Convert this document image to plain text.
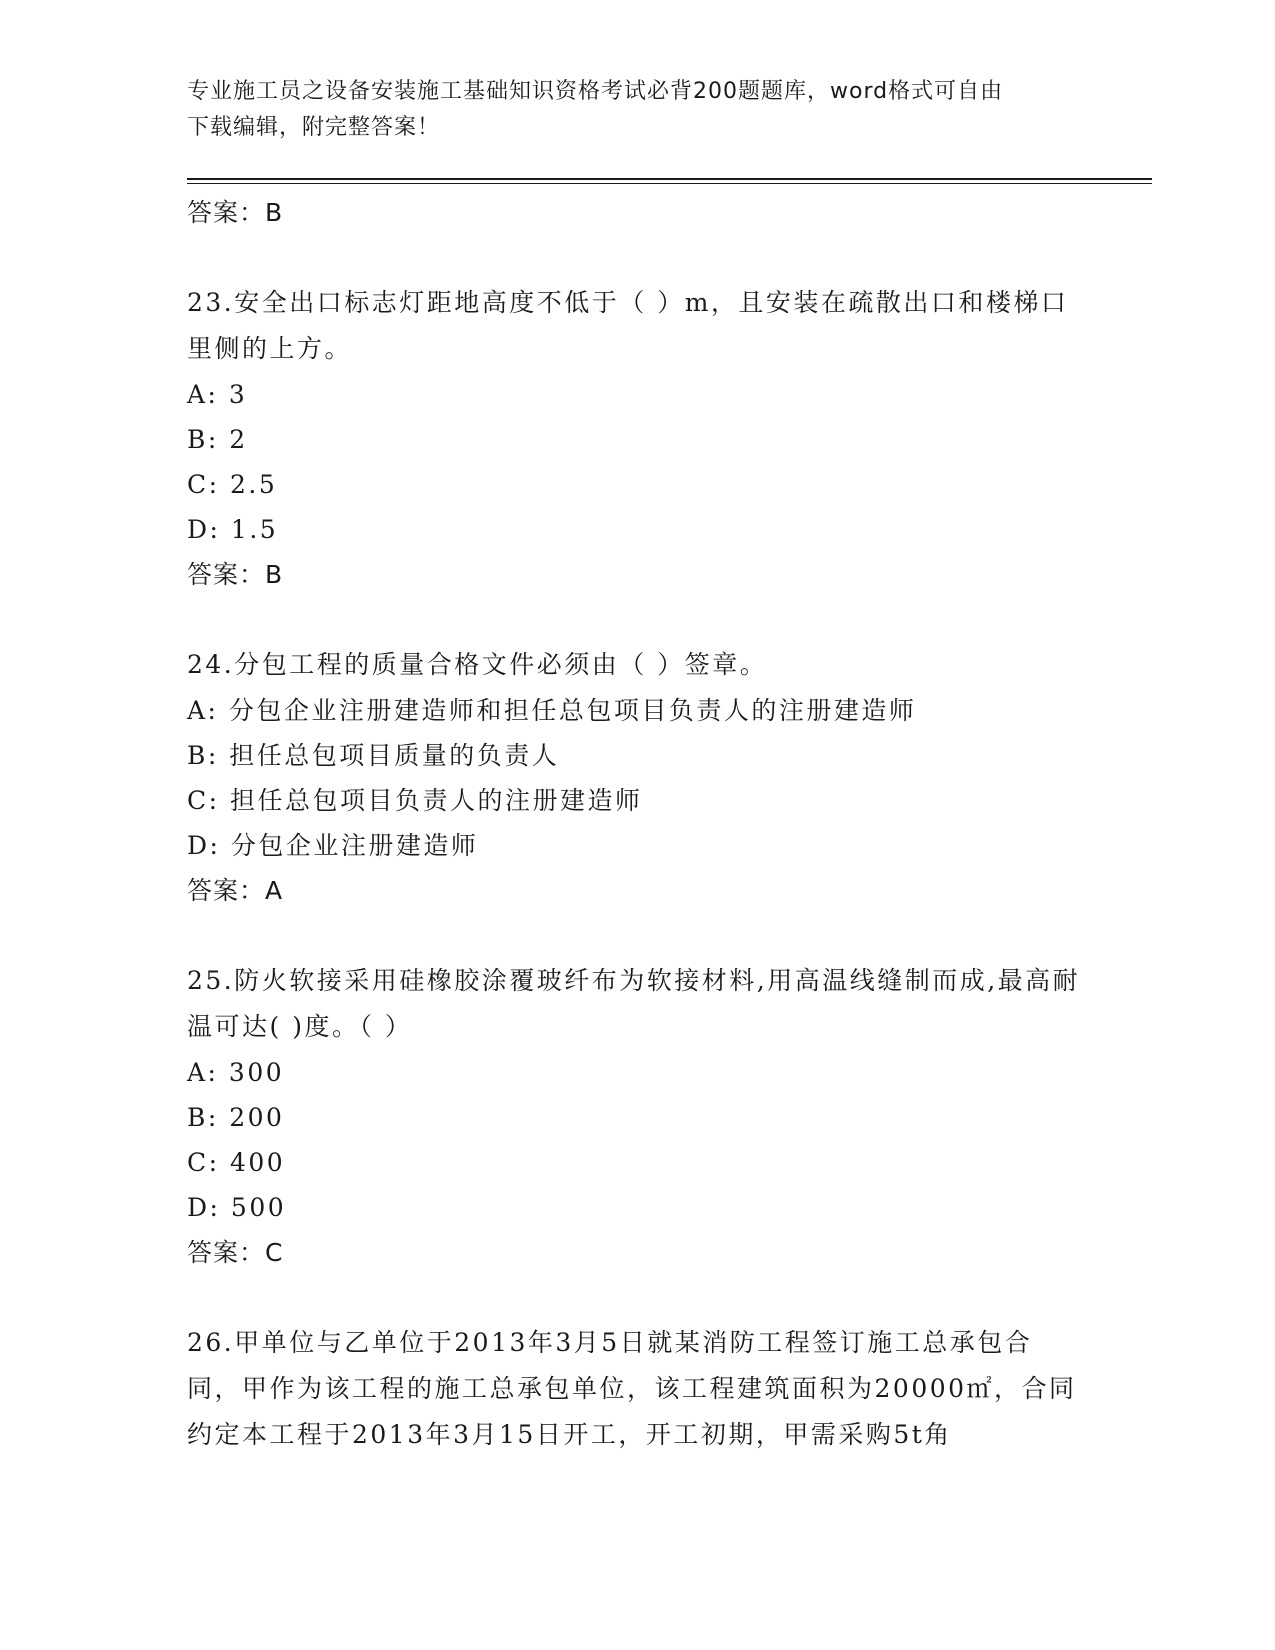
专业施工员之设备安装施工基础知识资格考试必背200题题库，word格式可自由
下载编辑，附完整答案！
答案：B
23.安全出口标志灯距地高度不低于（ ）m，且安装在疏散出口和楼梯口里侧的上方。
A: 3
B: 2
C: 2.5
D: 1.5
答案：B
24.分包工程的质量合格文件必须由（ ）签章。
A: 分包企业注册建造师和担任总包项目负责人的注册建造师
B: 担任总包项目质量的负责人
C: 担任总包项目负责人的注册建造师
D: 分包企业注册建造师
答案：A
25.防火软接采用硅橡胶涂覆玻纤布为软接材料,用高温线缝制而成,最高耐温可达( )度。（ ）
A: 300
B: 200
C: 400
D: 500
答案：C
26.甲单位与乙单位于2013年3月5日就某消防工程签订施工总承包合同，甲作为该工程的施工总承包单位，该工程建筑面积为20000㎡，合同约定本工程于2013年3月15日开工，开工初期，甲需采购5t角
